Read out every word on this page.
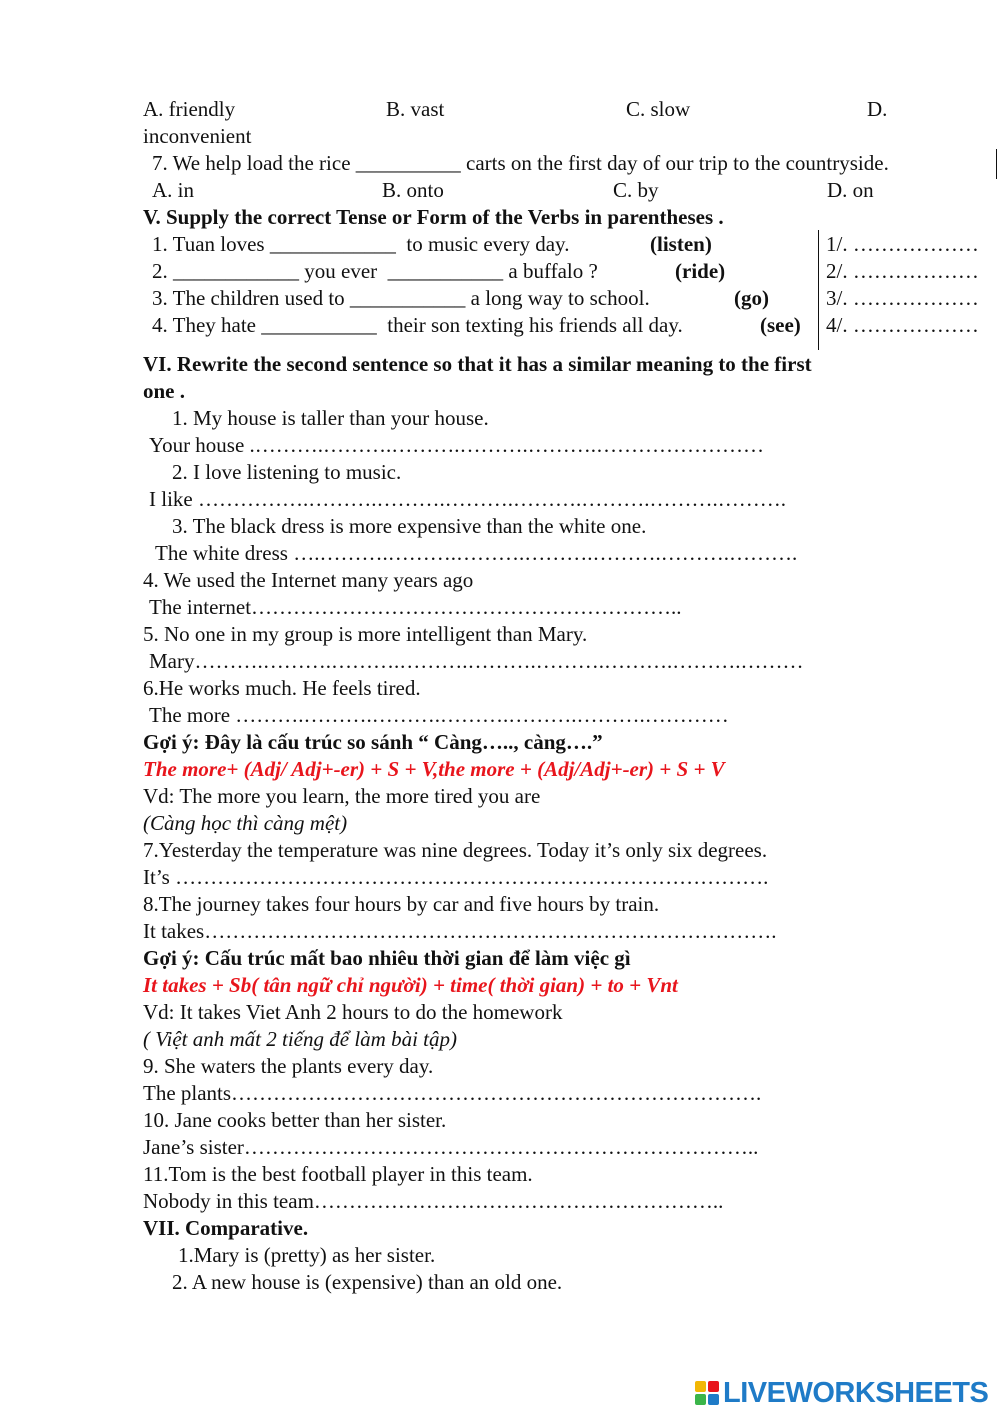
A. friendly	B. vast	C. slow	D.
inconvenient
7. We help load the rice __________ carts on the first day of our trip to the countryside.
A. in	B. onto	C. by	D. on
V. Supply the correct Tense or Form of the Verbs in parentheses .
1. Tuan loves ____________  to music every day.	(listen)	1/. ………………
2. ____________ you ever  ___________ a buffalo ?	(ride)	2/. ………………
3. The children used to ___________ a long way to school.	(go)	3/. ………………
4. They hate ___________  their son texting his friends all day.	(see) 4/. ………………
VI. Rewrite the second sentence so that it has a similar meaning to the first
one .
1. My house is taller than your house.
Your house .……….……….……….……….……….……………………
2. I love listening to music.
I like …………….……….……….……….……….……….……….……….
3. The black dress is more expensive than the white one.
The white dress ….……….……….……….……….……….……….……….
4. We used the Internet many years ago
The internet……………………………………………………..
5. No one in my group is more intelligent than Mary.
Mary……….……….……….……….……….……….……….……….………
6.He works much. He feels tired.
The more ……….……….……….……….……….……….…………
Gợi ý: Đây là cấu trúc so sánh “ Càng….., càng….”
The more+ (Adj/ Adj+-er) + S + V,the more + (Adj/Adj+-er) + S + V
Vd: The more you learn, the more tired you are
(Càng học thì càng mệt)
7.Yesterday the temperature was nine degrees. Today it’s only six degrees.
It’s ………………………………………………………………………….
8.The journey takes four hours by car and five hours by train.
It takes……………………………………………………………………….
Gợi ý: Cấu trúc mất bao nhiêu thời gian để làm việc gì
It takes + Sb( tân ngữ chỉ người) + time( thời gian) + to + Vnt
Vd: It takes Viet Anh 2 hours to do the homework
( Việt anh mất 2 tiếng để làm bài tập)
9. She waters the plants every day.
The plants………………………………………………………………….
10. Jane cooks better than her sister.
Jane’s sister………………………………………………………………..
11.Tom is the best football player in this team.
Nobody in this team…………………………………………………..
VII. Comparative.
1.Mary is (pretty) as her sister.
2. A new house is (expensive) than an old one.
LIVEWORKSHEETS
